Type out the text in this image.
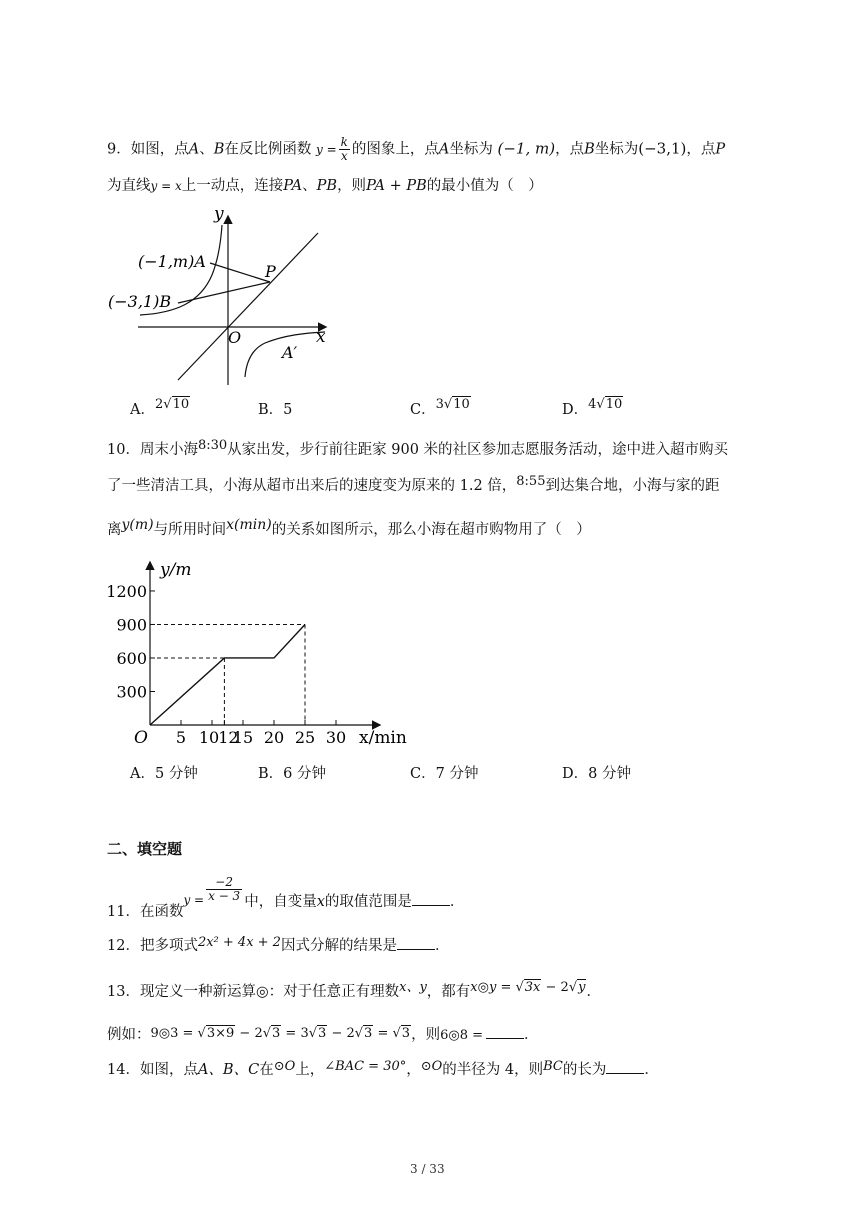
9．如图，点A、B在反比例函数 $y = \frac{k}{x}$ 的图象上，点A坐标为 (−1, m)，点B坐标为(−3,1)，点P
为直线y = x上一动点，连接PA、PB，则PA + PB的最小值为（　）
y
x
O
(−1,m)A
(−3,1)B
P
A′
A．2√10	B．5	C．3√10	D．4√10
10．周末小海8:30从家出发，步行前往距家 900 米的社区参加志愿服务活动，途中进入超市购买
了一些清洁工具，小海从超市出来后的速度变为原来的 1.2 倍，8:55到达集合地，小海与家的距
离y(m)与所用时间x(min)的关系如图所示，那么小海在超市购物用了（　）
300
600
900
1200
5 10 12
15 20 25 30
y/m
x/min
O
A．5 分钟	B．6 分钟	C．7 分钟	D．8 分钟
二、填空题
11．在函数$_{y =} \frac{-2}{x - 3}$ 中，自变量x的取值范围是	．
12．把多项式2x² + 4x + 2因式分解的结果是	．
13．现定义一种新运算◎：对于任意正有理数x、y，都有x◎y = √3x − 2√y．
例如：9◎3 = √3×9 − 2√3 = 3√3 − 2√3 = √3，则6◎8 =	．
14．如图，点A、B、C在⊙O上，∠BAC = 30°，⊙O的半径为 4，则BC的长为	．
3 / 33
